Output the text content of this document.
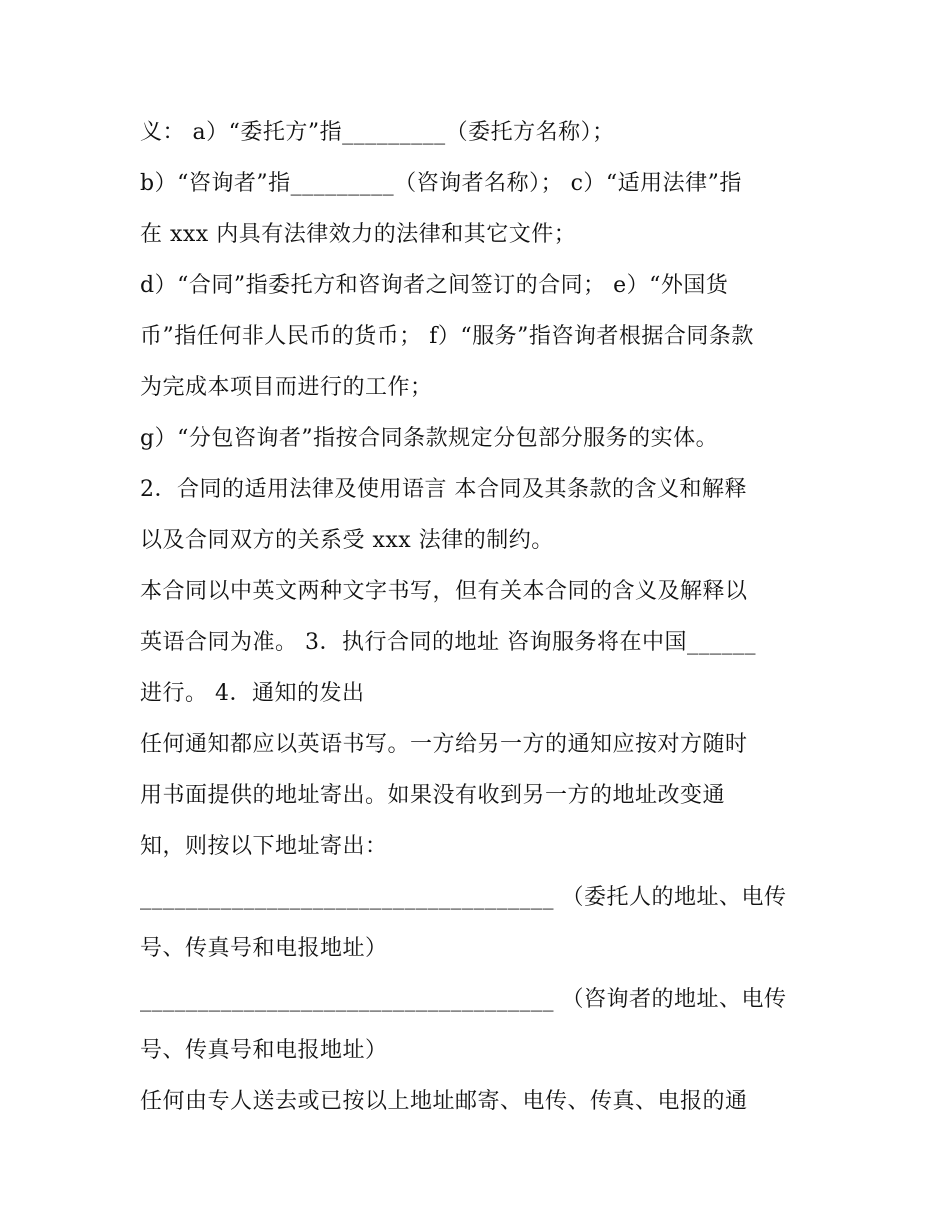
义： a）“委托方”指_________（委托方名称）；
b）“咨询者”指_________（咨询者名称）； c）“适用法律”指
在 xxx 内具有法律效力的法律和其它文件；
d）“合同”指委托方和咨询者之间签订的合同； e）“外国货
币”指任何非人民币的货币； f）“服务”指咨询者根据合同条款
为完成本项目而进行的工作；
g）“分包咨询者”指按合同条款规定分包部分服务的实体。
2．合同的适用法律及使用语言 本合同及其条款的含义和解释
以及合同双方的关系受 xxx 法律的制约。
本合同以中英文两种文字书写，但有关本合同的含义及解释以
英语合同为准。 3．执行合同的地址 咨询服务将在中国______
进行。 4．通知的发出
任何通知都应以英语书写。一方给另一方的通知应按对方随时
用书面提供的地址寄出。如果没有收到另一方的地址改变通
知，则按以下地址寄出：
____________________________________ （委托人的地址、电传
号、传真号和电报地址）
____________________________________ （咨询者的地址、电传
号、传真号和电报地址）
任何由专人送去或已按以上地址邮寄、电传、传真、电报的通
